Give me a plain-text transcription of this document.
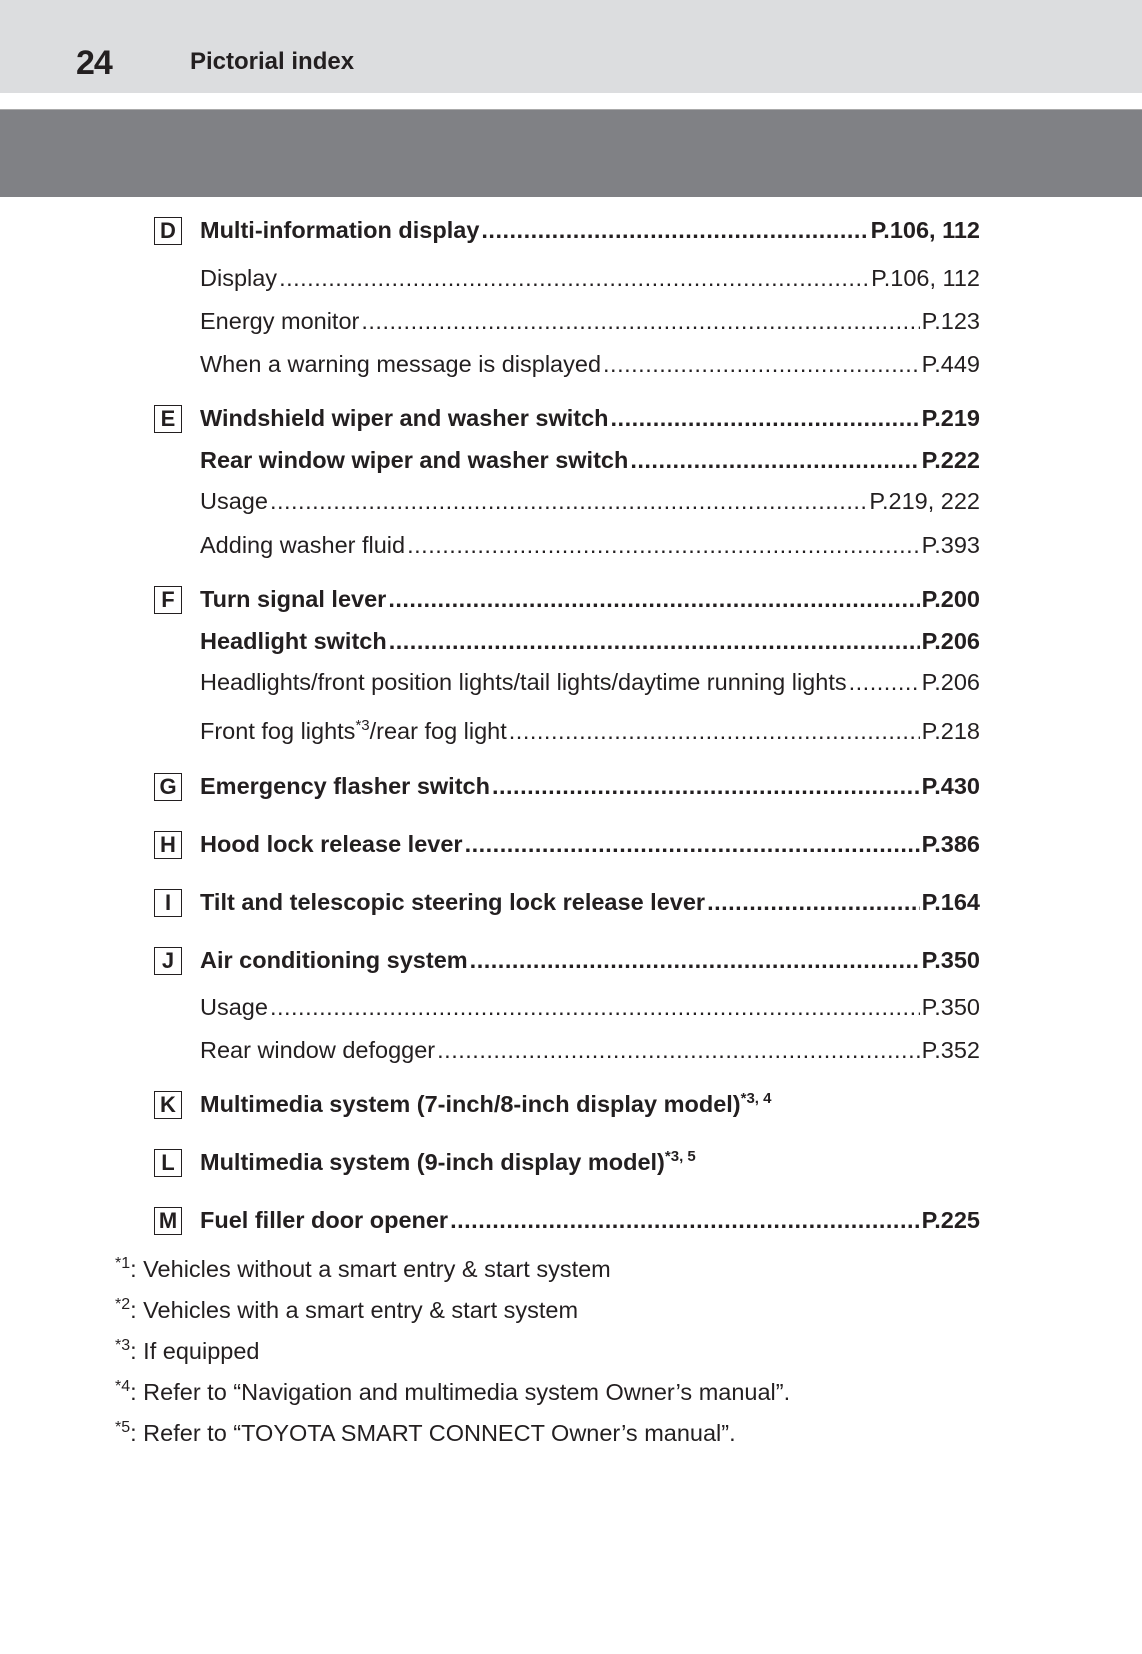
24	Pictorial index
D Multi-information display .....	P.106, 112
Display .....	P.106, 112
Energy monitor .....	P.123
When a warning message is displayed .....	P.449
E Windshield wiper and washer switch .....	P.219
Rear window wiper and washer switch .....	P.222
Usage .....	P.219, 222
Adding washer fluid .....	P.393
F	Turn signal lever .....	P.200
Headlight switch .....	P.206
Headlights/front position lights/tail lights/daytime running lights .....	P.206
Front fog lights$^{*3}$/rear fog light .....	P.218
G Emergency flasher switch .....	P.430
H Hood lock release lever .....	P.386
I	Tilt and telescopic steering lock release lever .....	P.164
J	Air conditioning system .....	P.350
Usage .....	P.350
Rear window defogger .....	P.352
K Multimedia system (7-inch/8-inch display model)$^{*3, 4}$
L	Multimedia system (9-inch display model)$^{*3, 5}$
M Fuel filler door opener .....	P.225
$^{*1}$: Vehicles without a smart entry & start system
$^{*2}$: Vehicles with a smart entry & start system
$^{*3}$: If equipped
$^{*4}$: Refer to “Navigation and multimedia system Owner’s manual”.
$^{*5}$: Refer to “TOYOTA SMART CONNECT Owner’s manual”.
